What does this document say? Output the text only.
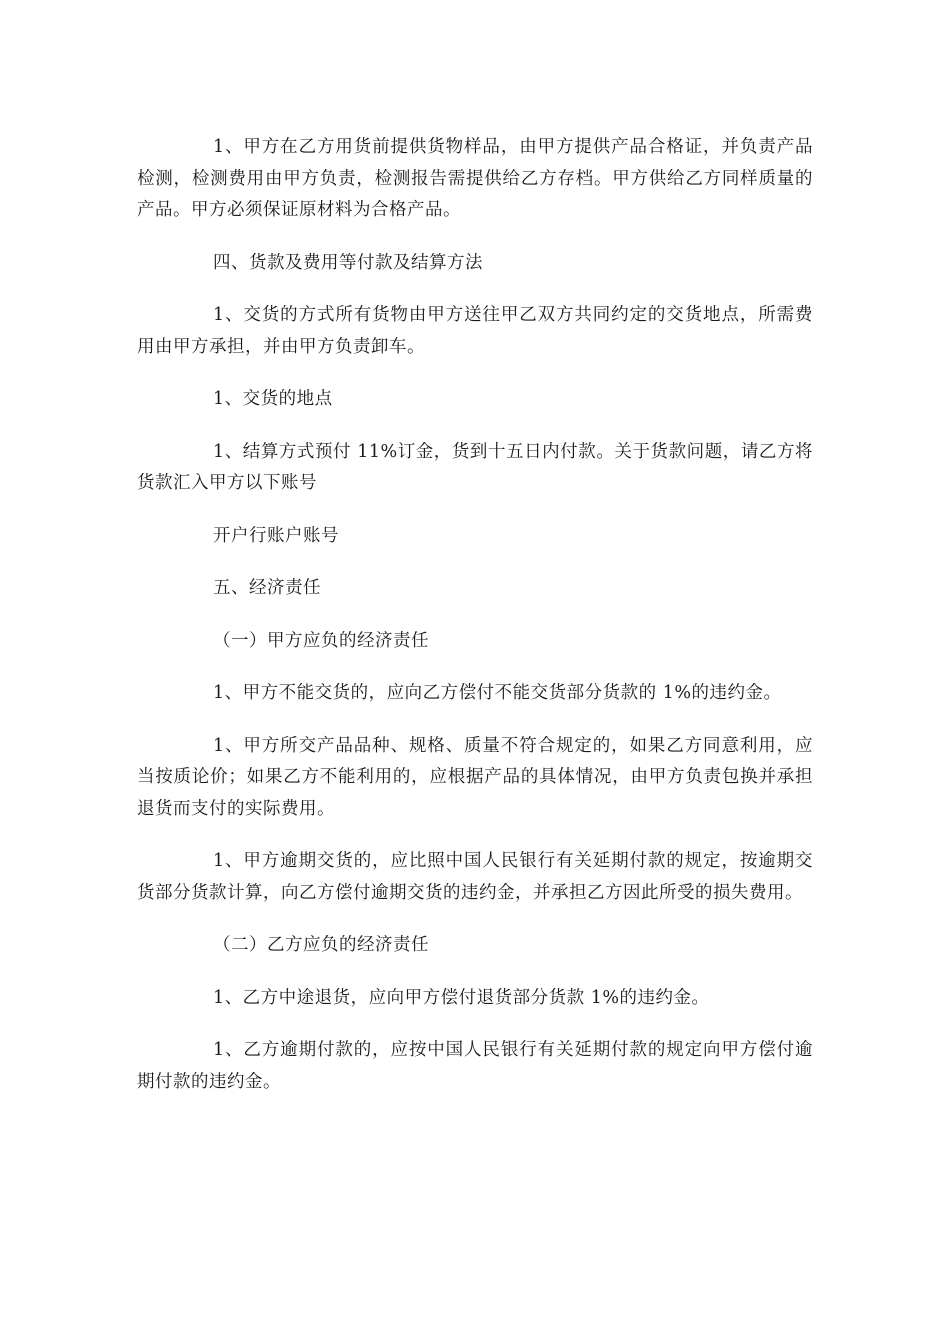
1、甲方在乙方用货前提供货物样品，由甲方提供产品合格证，并负责产品检测，检测费用由甲方负责，检测报告需提供给乙方存档。甲方供给乙方同样质量的产品。甲方必须保证原材料为合格产品。

四、货款及费用等付款及结算方法

1、交货的方式所有货物由甲方送往甲乙双方共同约定的交货地点，所需费用由甲方承担，并由甲方负责卸车。

1、交货的地点

1、结算方式预付 11%订金，货到十五日内付款。关于货款问题，请乙方将货款汇入甲方以下账号

开户行账户账号

五、经济责任

（一）甲方应负的经济责任

1、甲方不能交货的，应向乙方偿付不能交货部分货款的 1%的违约金。

1、甲方所交产品品种、规格、质量不符合规定的，如果乙方同意利用，应当按质论价；如果乙方不能利用的，应根据产品的具体情况，由甲方负责包换并承担退货而支付的实际费用。

1、甲方逾期交货的，应比照中国人民银行有关延期付款的规定，按逾期交货部分货款计算，向乙方偿付逾期交货的违约金，并承担乙方因此所受的损失费用。

（二）乙方应负的经济责任

1、乙方中途退货，应向甲方偿付退货部分货款 1%的违约金。

1、乙方逾期付款的，应按中国人民银行有关延期付款的规定向甲方偿付逾期付款的违约金。
